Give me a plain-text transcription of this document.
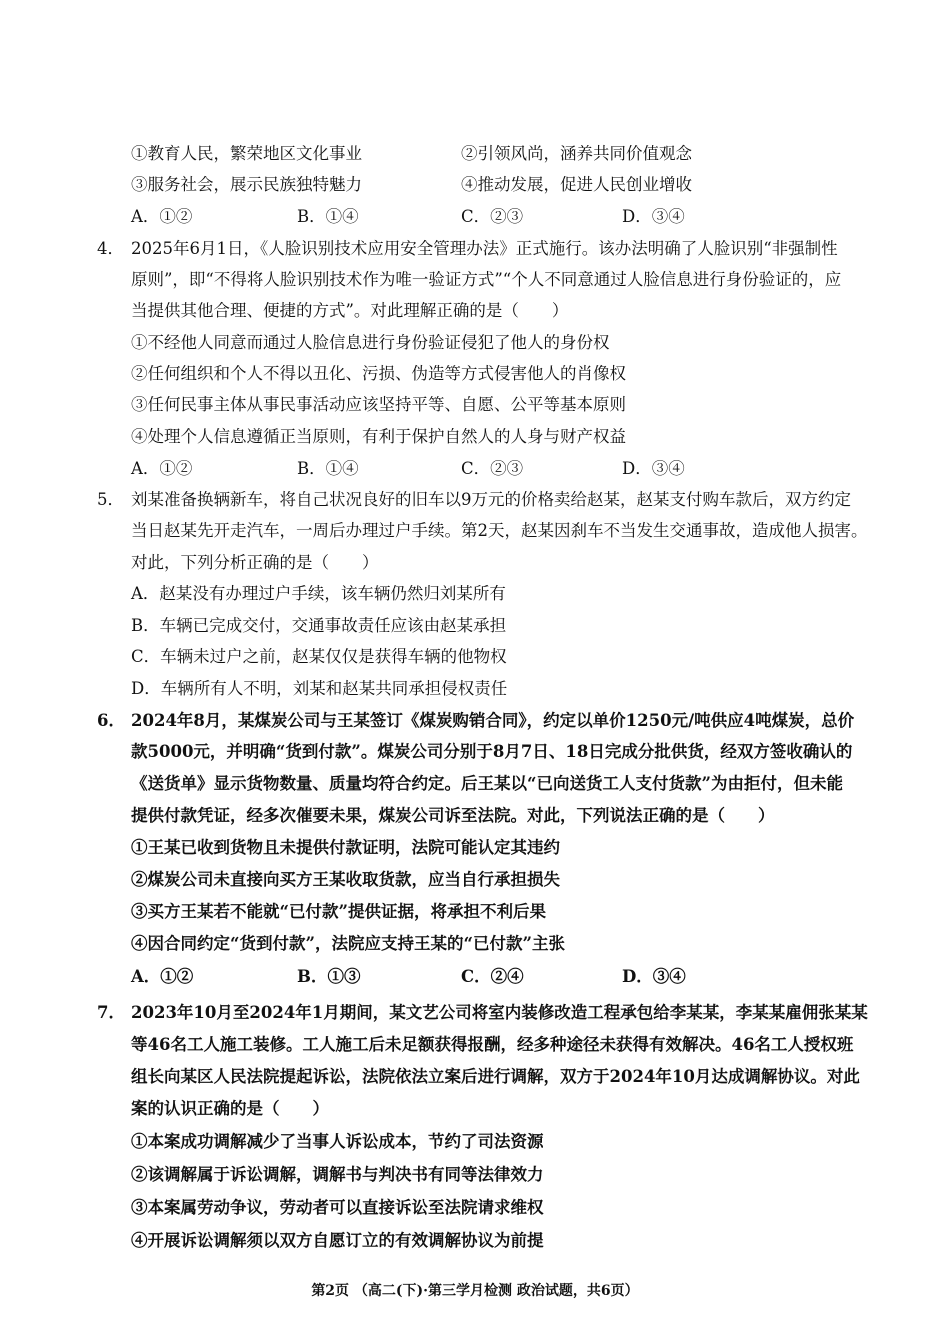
①教育人民，繁荣地区文化事业	②引领风尚，涵养共同价值观念
③服务社会，展示民族独特魅力	④推动发展，促进人民创业增收
A．①②	B．①④	C．②③	D．③④
4． 2025年6月1日，《人脸识别技术应用安全管理办法》正式施行。该办法明确了人脸识别“非强制性
原则”，即“不得将人脸识别技术作为唯一验证方式”“个人不同意通过人脸信息进行身份验证的，应
当提供其他合理、便捷的方式”。对此理解正确的是（　　）
①不经他人同意而通过人脸信息进行身份验证侵犯了他人的身份权
②任何组织和个人不得以丑化、污损、伪造等方式侵害他人的肖像权
③任何民事主体从事民事活动应该坚持平等、自愿、公平等基本原则
④处理个人信息遵循正当原则，有利于保护自然人的人身与财产权益
A．①②	B．①④	C．②③	D．③④
5． 刘某准备换辆新车，将自己状况良好的旧车以9万元的价格卖给赵某，赵某支付购车款后，双方约定
当日赵某先开走汽车，一周后办理过户手续。第2天，赵某因刹车不当发生交通事故，造成他人损害。
对此，下列分析正确的是（　　）
A．赵某没有办理过户手续，该车辆仍然归刘某所有
B．车辆已完成交付，交通事故责任应该由赵某承担
C．车辆未过户之前，赵某仅仅是获得车辆的他物权
D．车辆所有人不明，刘某和赵某共同承担侵权责任
6． 2024年8月，某煤炭公司与王某签订《煤炭购销合同》，约定以单价1250元/吨供应4吨煤炭，总价
款5000元，并明确“货到付款”。煤炭公司分别于8月7日、18日完成分批供货，经双方签收确认的
《送货单》显示货物数量、质量均符合约定。后王某以“已向送货工人支付货款”为由拒付，但未能
提供付款凭证，经多次催要未果，煤炭公司诉至法院。对此，下列说法正确的是（　　）
①王某已收到货物且未提供付款证明，法院可能认定其违约
②煤炭公司未直接向买方王某收取货款，应当自行承担损失
③买方王某若不能就“已付款”提供证据，将承担不利后果
④因合同约定“货到付款”，法院应支持王某的“已付款”主张
A．①②	B．①③	C．②④	D．③④
7． 2023年10月至2024年1月期间，某文艺公司将室内装修改造工程承包给李某某，李某某雇佣张某某
等46名工人施工装修。工人施工后未足额获得报酬，经多种途径未获得有效解决。46名工人授权班
组长向某区人民法院提起诉讼，法院依法立案后进行调解，双方于2024年10月达成调解协议。对此
案的认识正确的是（　　）
①本案成功调解减少了当事人诉讼成本，节约了司法资源
②该调解属于诉讼调解，调解书与判决书有同等法律效力
③本案属劳动争议，劳动者可以直接诉讼至法院请求维权
④开展诉讼调解须以双方自愿订立的有效调解协议为前提
第2页 （高二(下)·第三学月检测 政治试题，共6页）
